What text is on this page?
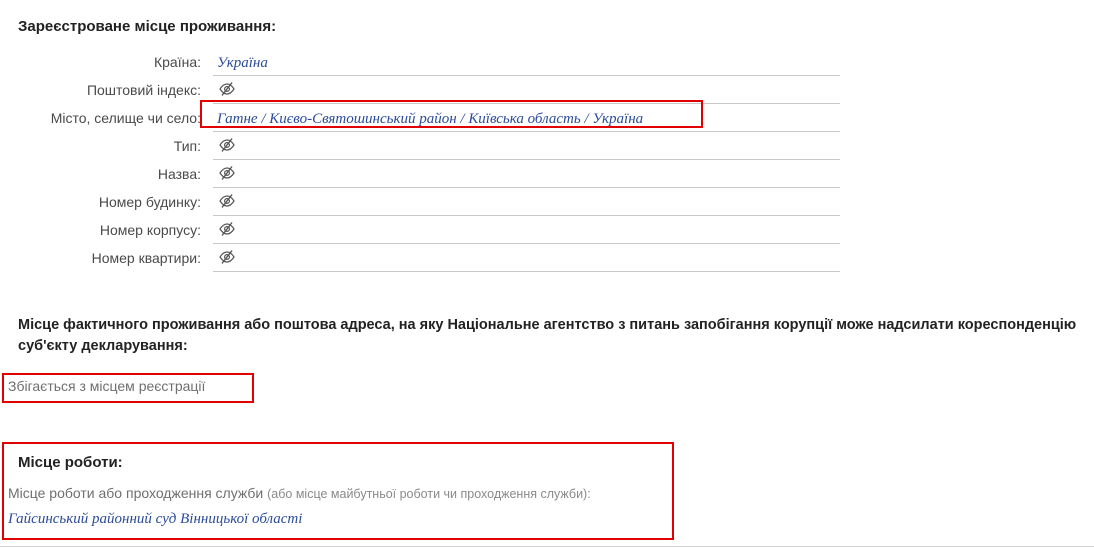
Зареєстроване місце проживання:
Країна:	Україна

Поштовий індекс:	

Місто, селище чи село:	Гатне / Києво-Святошинський район / Київська область / Україна

Тип:	

Назва:	

Номер будинку:	

Номер корпусу:	

Номер квартири:	
Місце фактичного проживання або поштова адреса, на яку Національне агентство з питань запобігання корупції може надсилати кореспонденцію суб'єкту декларування:
Збігається з місцем реєстрації
Місце роботи:
Місце роботи або проходження служби (або місце майбутньої роботи чи проходження служби):
Гайсинський районний суд Вінницької області
